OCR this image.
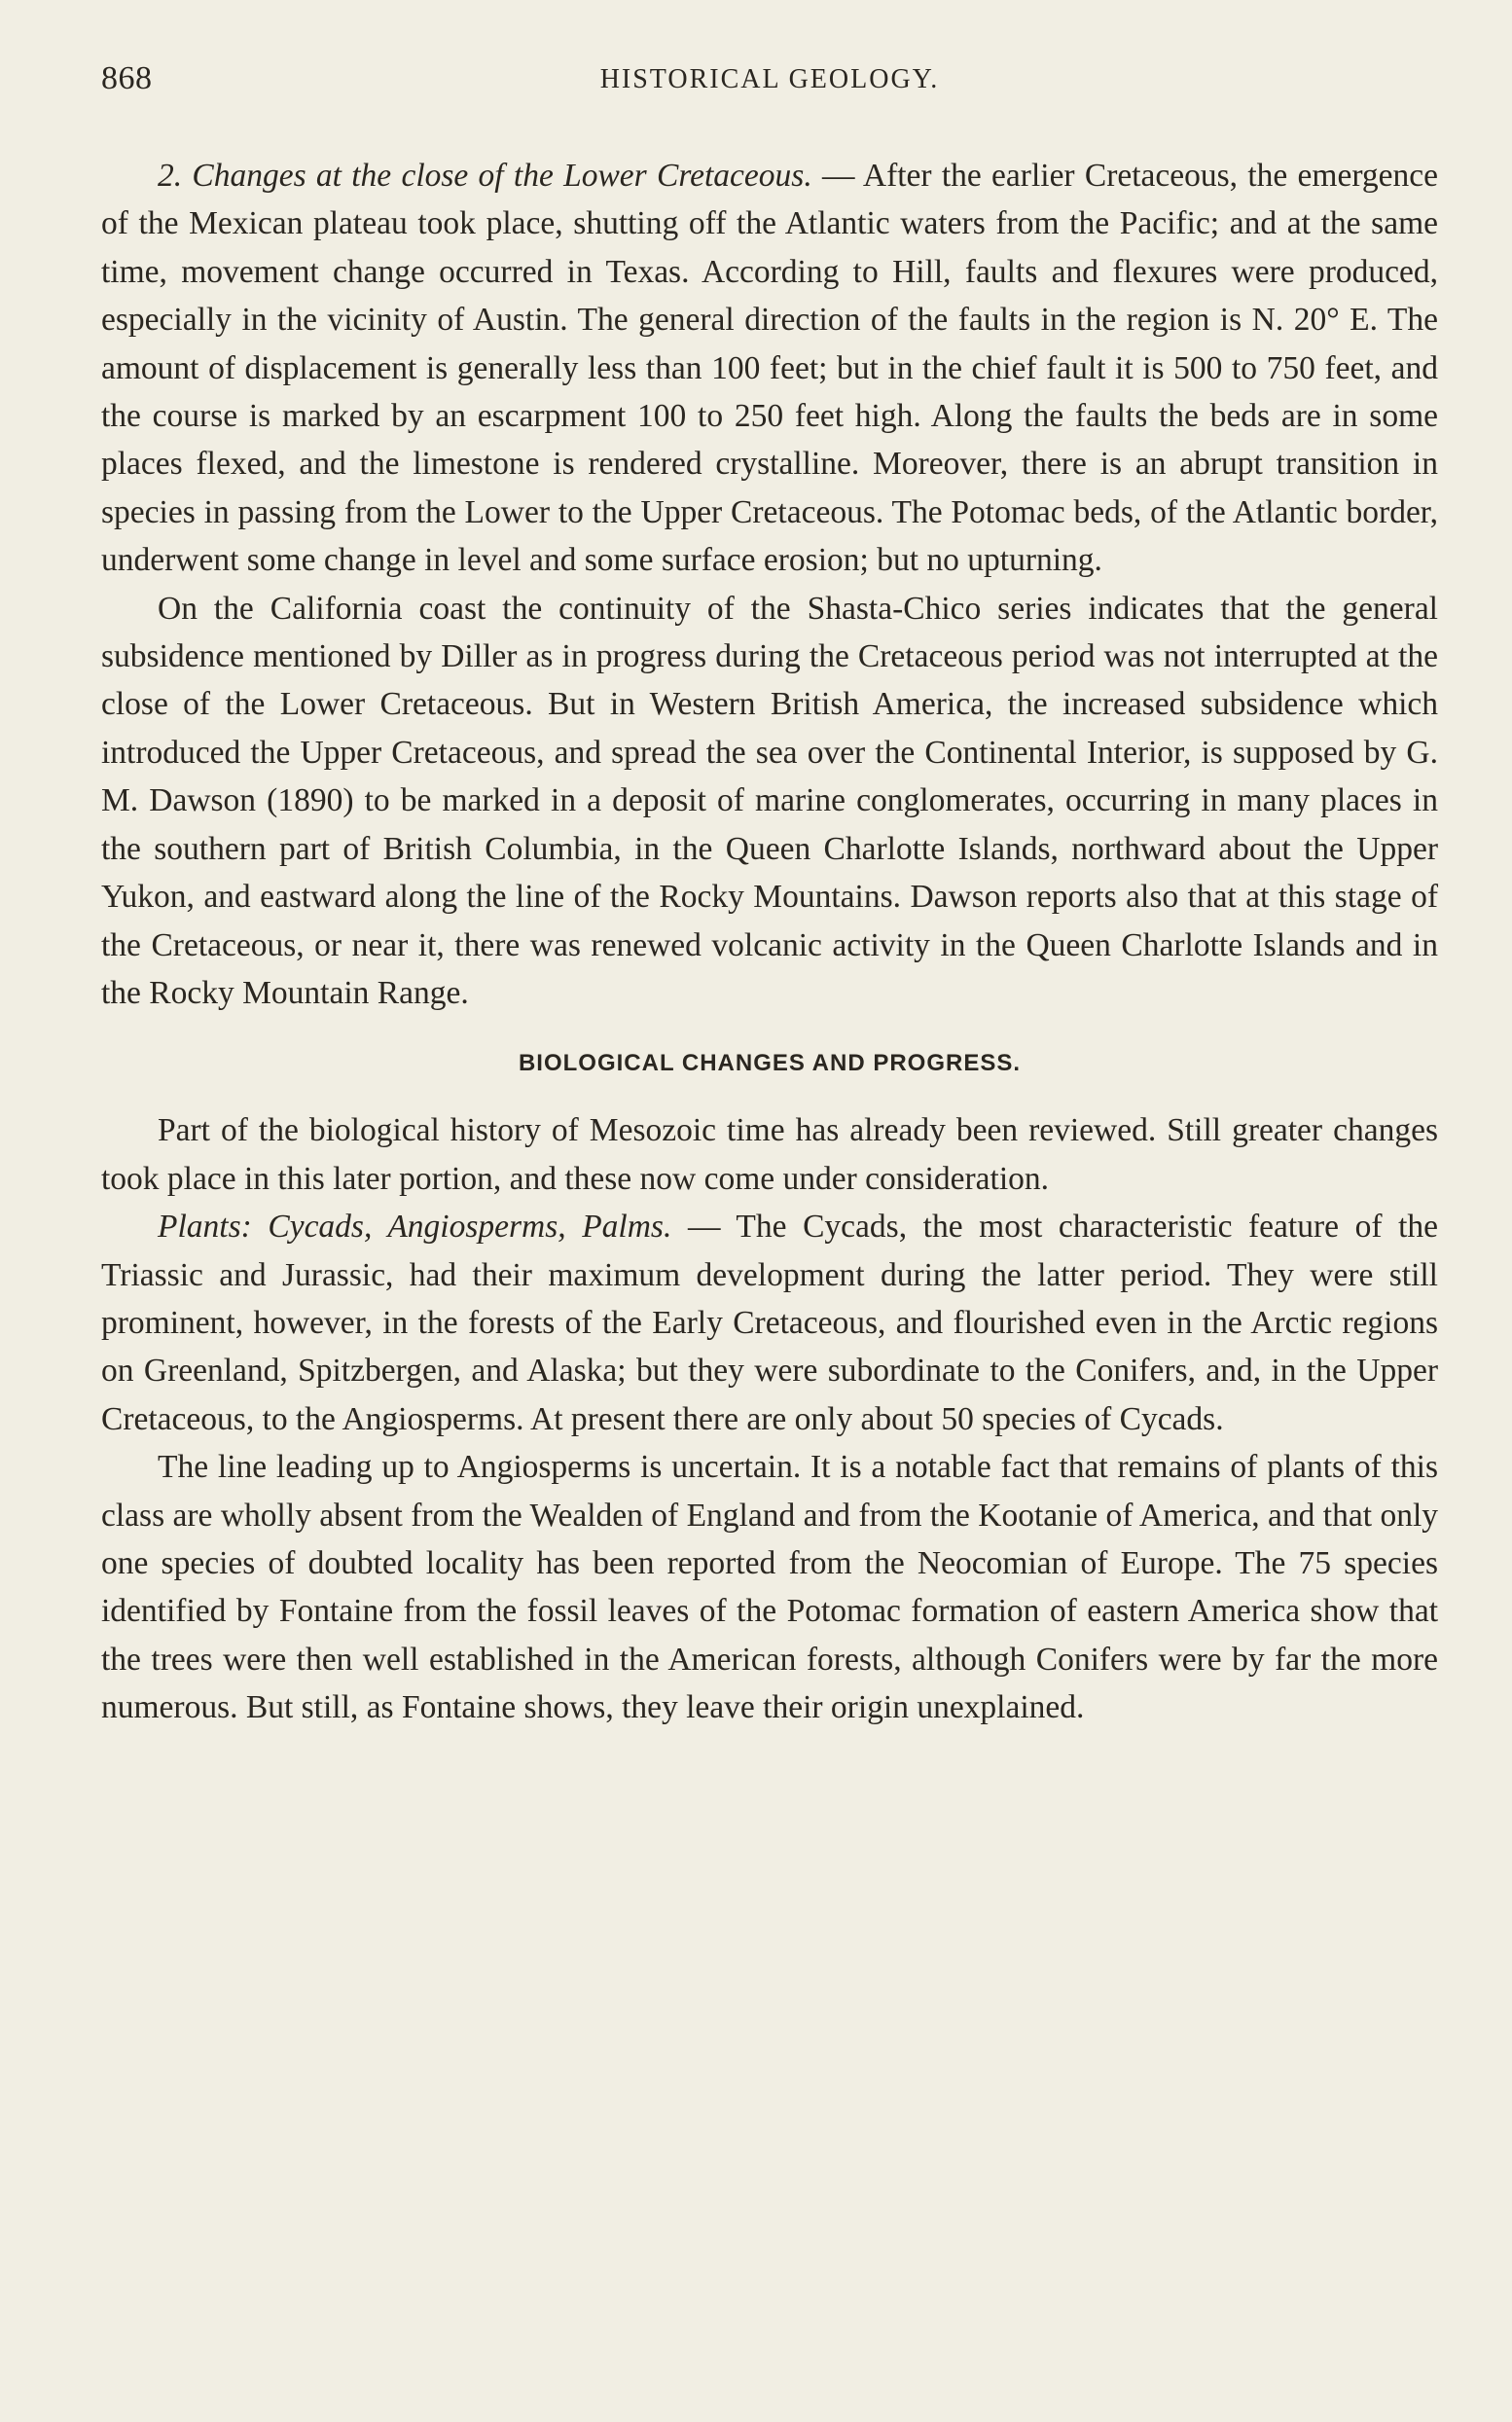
868	HISTORICAL GEOLOGY.

2. Changes at the close of the Lower Cretaceous. — After the earlier Cretaceous, the emergence of the Mexican plateau took place, shutting off the Atlantic waters from the Pacific; and at the same time, movement change occurred in Texas. According to Hill, faults and flexures were produced, especially in the vicinity of Austin. The general direction of the faults in the region is N. 20° E. The amount of displacement is generally less than 100 feet; but in the chief fault it is 500 to 750 feet, and the course is marked by an escarpment 100 to 250 feet high. Along the faults the beds are in some places flexed, and the limestone is rendered crystalline. Moreover, there is an abrupt transition in species in passing from the Lower to the Upper Cretaceous. The Potomac beds, of the Atlantic border, underwent some change in level and some surface erosion; but no upturning.

On the California coast the continuity of the Shasta-Chico series indicates that the general subsidence mentioned by Diller as in progress during the Cretaceous period was not interrupted at the close of the Lower Cretaceous. But in Western British America, the increased subsidence which introduced the Upper Cretaceous, and spread the sea over the Continental Interior, is supposed by G. M. Dawson (1890) to be marked in a deposit of marine conglomerates, occurring in many places in the southern part of British Columbia, in the Queen Charlotte Islands, northward about the Upper Yukon, and eastward along the line of the Rocky Mountains. Dawson reports also that at this stage of the Cretaceous, or near it, there was renewed volcanic activity in the Queen Charlotte Islands and in the Rocky Mountain Range.

BIOLOGICAL CHANGES AND PROGRESS.

Part of the biological history of Mesozoic time has already been reviewed. Still greater changes took place in this later portion, and these now come under consideration.

Plants: Cycads, Angiosperms, Palms. — The Cycads, the most characteristic feature of the Triassic and Jurassic, had their maximum development during the latter period. They were still prominent, however, in the forests of the Early Cretaceous, and flourished even in the Arctic regions on Greenland, Spitzbergen, and Alaska; but they were subordinate to the Conifers, and, in the Upper Cretaceous, to the Angiosperms. At present there are only about 50 species of Cycads.

The line leading up to Angiosperms is uncertain. It is a notable fact that remains of plants of this class are wholly absent from the Wealden of England and from the Kootanie of America, and that only one species of doubted locality has been reported from the Neocomian of Europe. The 75 species identified by Fontaine from the fossil leaves of the Potomac formation of eastern America show that the trees were then well established in the American forests, although Conifers were by far the more numerous. But still, as Fontaine shows, they leave their origin unexplained.
